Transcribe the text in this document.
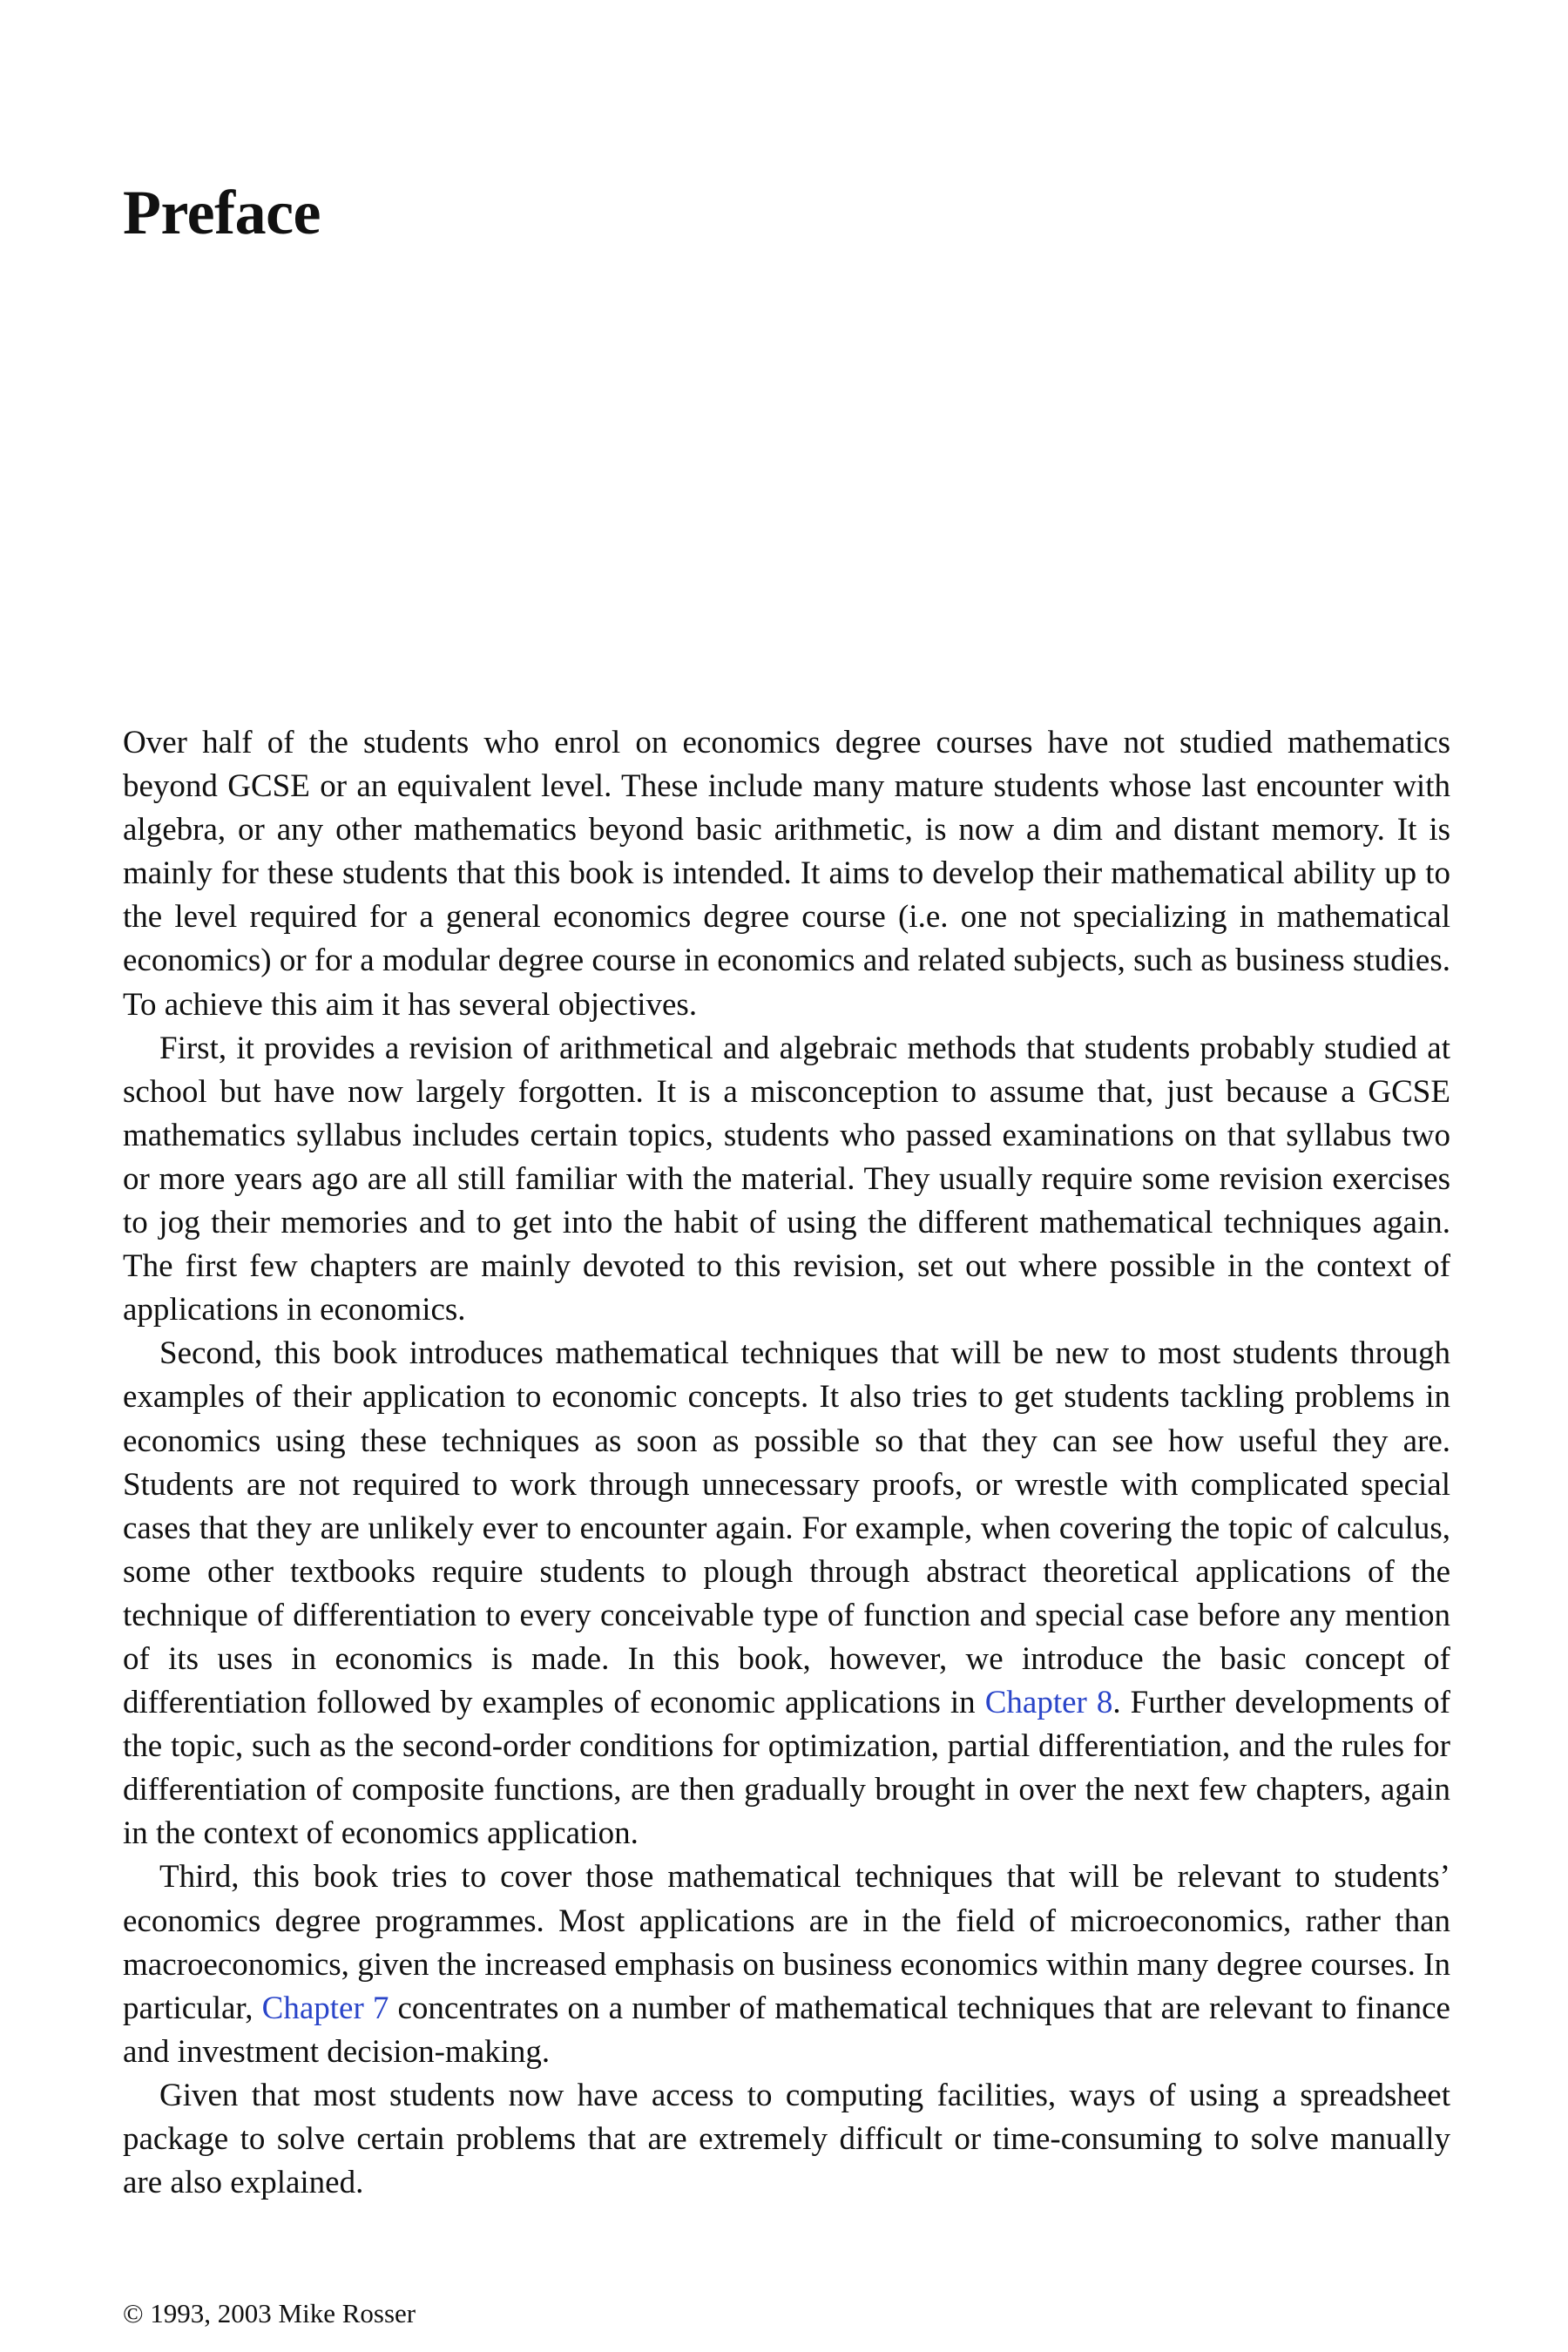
Preface

Over half of the students who enrol on economics degree courses have not studied mathematics beyond GCSE or an equivalent level. These include many mature students whose last encounter with algebra, or any other mathematics beyond basic arithmetic, is now a dim and distant memory. It is mainly for these students that this book is intended. It aims to develop their mathematical ability up to the level required for a general economics degree course (i.e. one not specializing in mathematical economics) or for a modular degree course in economics and related subjects, such as business studies. To achieve this aim it has several objectives.

First, it provides a revision of arithmetical and algebraic methods that students probably studied at school but have now largely forgotten. It is a misconception to assume that, just because a GCSE mathematics syllabus includes certain topics, students who passed examinations on that syllabus two or more years ago are all still familiar with the material. They usually require some revision exercises to jog their memories and to get into the habit of using the different mathematical techniques again. The first few chapters are mainly devoted to this revision, set out where possible in the context of applications in economics.

Second, this book introduces mathematical techniques that will be new to most students through examples of their application to economic concepts. It also tries to get students tackling problems in economics using these techniques as soon as possible so that they can see how useful they are. Students are not required to work through unnecessary proofs, or wrestle with complicated special cases that they are unlikely ever to encounter again. For example, when covering the topic of calculus, some other textbooks require students to plough through abstract theoretical applications of the technique of differentiation to every conceivable type of function and special case before any mention of its uses in economics is made. In this book, however, we introduce the basic concept of differentiation followed by examples of economic applications in Chapter 8. Further developments of the topic, such as the second-order conditions for optimization, partial differentiation, and the rules for differentiation of composite functions, are then gradually brought in over the next few chapters, again in the context of economics application.

Third, this book tries to cover those mathematical techniques that will be relevant to students’ economics degree programmes. Most applications are in the field of microeconomics, rather than macroeconomics, given the increased emphasis on business economics within many degree courses. In particular, Chapter 7 concentrates on a number of mathematical techniques that are relevant to finance and investment decision-making.

Given that most students now have access to computing facilities, ways of using a spreadsheet package to solve certain problems that are extremely difficult or time-consuming to solve manually are also explained.

© 1993, 2003 Mike Rosser
